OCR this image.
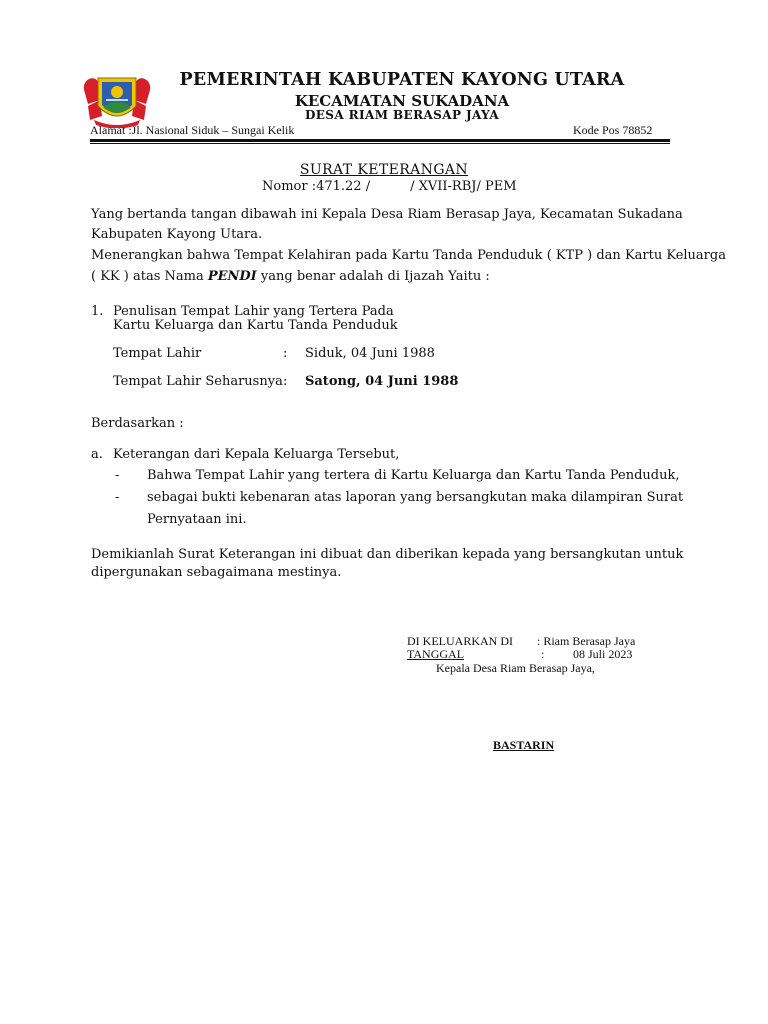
PEMERINTAH KABUPATEN KAYONG UTARA
KECAMATAN SUKADANA
DESA RIAM BERASAP JAYA
Alamat :Jl. Nasional Siduk – Sungai Kelik	Kode Pos 78852
SURAT KETERANGAN
Nomor :471.22 /	/ XVII-RBJ/ PEM
Yang bertanda tangan dibawah ini Kepala Desa Riam Berasap Jaya, Kecamatan Sukadana
Kabupaten Kayong Utara.
Menerangkan bahwa Tempat Kelahiran pada Kartu Tanda Penduduk ( KTP ) dan Kartu Keluarga
( KK ) atas Nama PENDI yang benar adalah di Ijazah Yaitu :
1. Penulisan Tempat Lahir yang Tertera Pada
Kartu Keluarga dan Kartu Tanda Penduduk
Tempat Lahir	: Siduk, 04 Juni 1988
Tempat Lahir Seharusnya : Satong, 04 Juni 1988
Berdasarkan :
a. Keterangan dari Kepala Keluarga Tersebut,
- Bahwa Tempat Lahir yang tertera di Kartu Keluarga dan Kartu Tanda Penduduk,
- sebagai bukti kebenaran atas laporan yang bersangkutan maka dilampiran Surat
Pernyataan ini.
Demikianlah Surat Keterangan ini dibuat dan diberikan kepada yang bersangkutan untuk
dipergunakan sebagaimana mestinya.
DI KELUARKAN DI : Riam Berasap Jaya
TANGGAL	: 08 Juli 2023
Kepala Desa Riam Berasap Jaya,
BASTARIN
